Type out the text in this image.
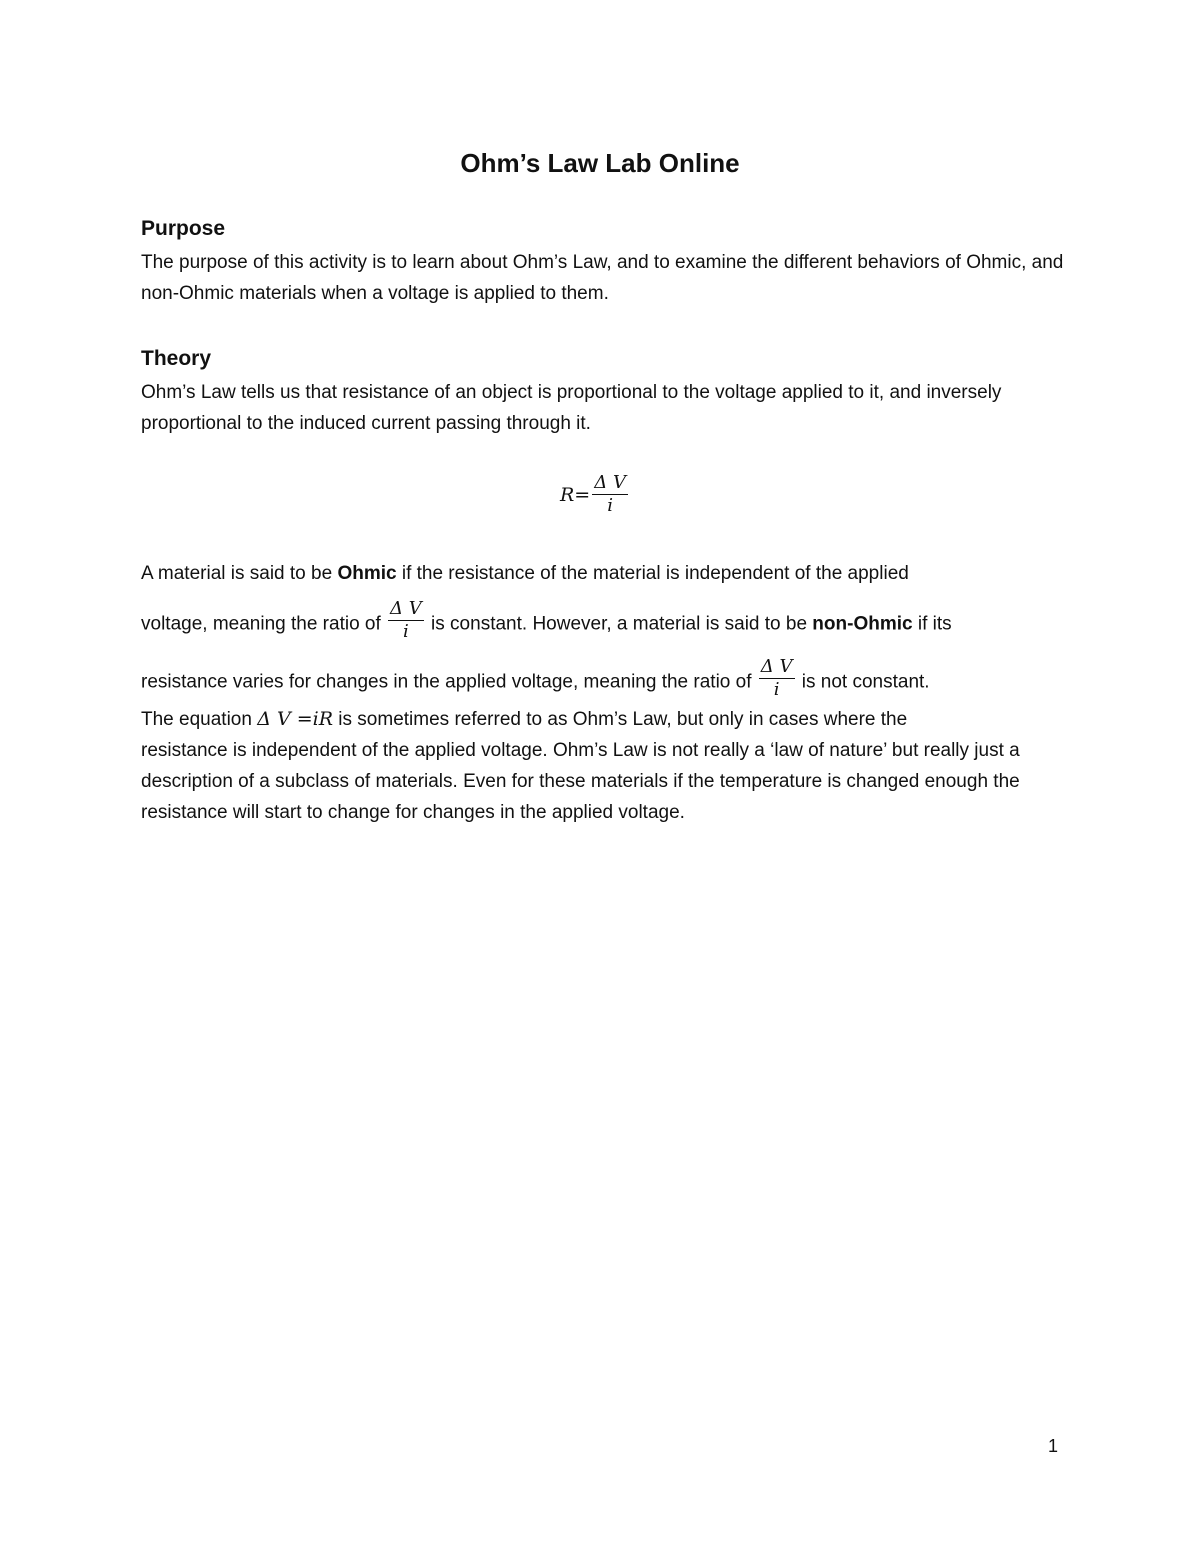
Ohm’s Law Lab Online
Purpose
The purpose of this activity is to learn about Ohm’s Law, and to examine the different behaviors of Ohmic, and non-Ohmic materials when a voltage is applied to them.
Theory
Ohm’s Law tells us that resistance of an object is proportional to the voltage applied to it, and inversely proportional to the induced current passing through it.
$R= \frac{\text{Δ V}}{i}$
A material is said to be Ohmic if the resistance of the material is independent of the applied
voltage, meaning the ratio of $\frac{\text{Δ V}}{i}$ is constant. However, a material is said to be non-Ohmic if its
resistance varies for changes in the applied voltage, meaning the ratio of $\frac{\text{Δ V}}{i}$ is not constant.
The equation Δ V =iR is sometimes referred to as Ohm’s Law, but only in cases where the
resistance is independent of the applied voltage. Ohm’s Law is not really a ‘law of nature’ but really just a description of a subclass of materials. Even for these materials if the temperature is changed enough the resistance will start to change for changes in the applied voltage.
1
